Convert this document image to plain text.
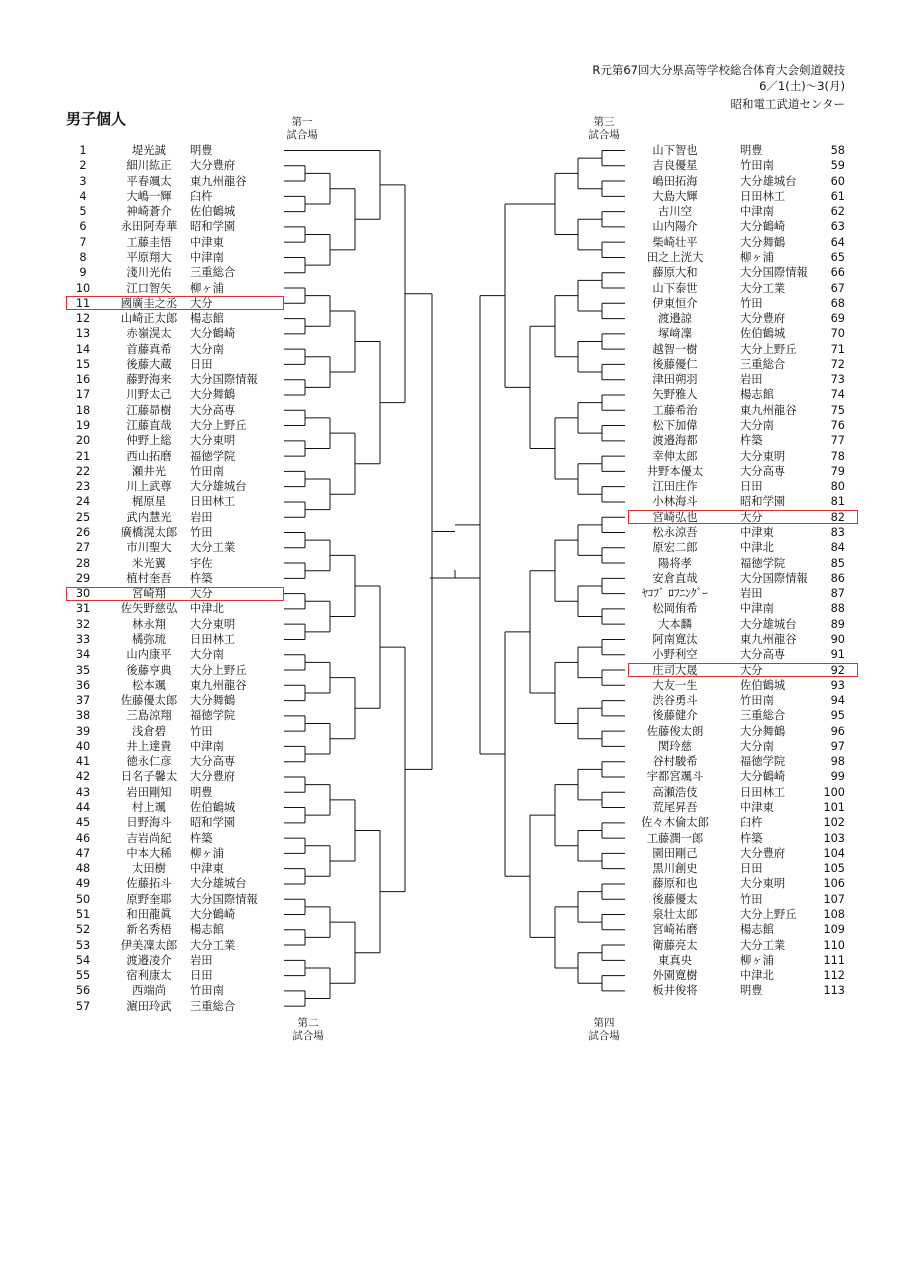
R元第67回大分県高等学校総合体育大会剣道競技
6／1(土)～3(月)
昭和電工武道センター
男子個人	第一
試合場
第三
試合場
第二
試合場
第四
試合場
1	堤光誠	明豊
2	細川紘正	大分豊府
3	平春颯太	東九州龍谷
4	大嶋一輝	臼杵
5	神崎蒼介	佐伯鶴城
6	永田阿寿華	昭和学園
7	工藤圭悟	中津東
8	平原翔大	中津南
9	淺川光佑	三重総合
10	江口智矢	柳ヶ浦
11	國廣圭之丞	大分
12	山崎正太郎	楊志館
13	赤嶺滉太	大分鶴崎
14	首藤真希	大分南
15	後藤大蔵	日田
16	藤野海来	大分国際情報
17	川野太己	大分舞鶴
18	江藤昴樹	大分高専
19	江藤直哉	大分上野丘
20	仲野上総	大分東明
21	西山拓磨	福徳学院
22	瀬井光	竹田南
23	川上武尊	大分雄城台
24	梶原星	日田林工
25	武内慧光	岩田
26	廣橋滉太郎	竹田
27	市川聖大	大分工業
28	米光翼	宇佐
29	植村奎吾	杵築
30	宮崎翔	大分
31	佐矢野慈弘	中津北
32	林永翔	大分東明
33	橘弥琉	日田林工
34	山内康平	大分南
35	後藤亨典	大分上野丘
36	松本颯	東九州龍谷
37	佐藤優太郎	大分舞鶴
38	三島涼翔	福徳学院
39	浅倉碧	竹田
40	井上達貴	中津南
41	徳永仁彦	大分高専
42	日名子馨太	大分豊府
43	岩田剛知	明豊
44	村上颯	佐伯鶴城
45	日野海斗	昭和学園
46	吉岩尚紀	杵築
47	中本大稀	柳ヶ浦
48	太田樹	中津東
49	佐藤拓斗	大分雄城台
50	原野奎耶	大分国際情報
51	和田龍眞	大分鶴崎
52	新名秀梧	楊志館
53	伊美凜太郎	大分工業
54	渡邉凌介	岩田
55	宿利康太	日田
56	西端尚	竹田南
57	濵田玲武	三重総合
山下智也	明豊	58
吉良優星	竹田南	59
嶋田拓海	大分雄城台	60
大島大輝	日田林工	61
古川空	中津南	62
山内陽介	大分鶴崎	63
柴崎壮平	大分舞鶴	64
田之上洸大	柳ヶ浦	65
藤原大和	大分国際情報	66
山下泰世	大分工業	67
伊東恒介	竹田	68
渡邉諒	大分豊府	69
塚﨑凜	佐伯鶴城	70
越智一樹	大分上野丘	71
後藤優仁	三重総合	72
津田朔羽	岩田	73
矢野雅人	楊志館	74
工藤希治	東九州龍谷	75
松下加偉	大分南	76
渡邉海都	杵築	77
幸伸太郎	大分東明	78
井野本優太	大分高専	79
江田庄作	日田	80
小林海斗	昭和学園	81
宮崎弘也	大分	82
松永涼吾	中津東	83
原宏二郎	中津北	84
陽将孝	福徳学院	85
安倉直哉	大分国際情報	86
ﾔｺﾌﾞ ﾛﾌﾆﾝｸﾞｰ	岩田	87
松岡侑希	中津南	88
大本麟	大分雄城台	89
阿南寛汰	東九州龍谷	90
小野利空	大分高専	91
庄司大晟	大分	92
大友一生	佐伯鶴城	93
渋谷勇斗	竹田南	94
後藤健介	三重総合	95
佐藤俊太朗	大分舞鶴	96
関玲慈	大分南	97
谷村駿希	福徳学院	98
宇都宮颯斗	大分鶴崎	99
高瀬浩伎	日田林工	100
荒尾昇吾	中津東	101
佐々木倫太郎	臼杵	102
工藤潤一郎	杵築	103
園田剛己	大分豊府	104
黒川創史	日田	105
藤原和也	大分東明	106
後藤優太	竹田	107
泉壮太郎	大分上野丘	108
宮崎祐磨	楊志館	109
衛藤亮太	大分工業	110
東真央	柳ヶ浦	111
外園寛樹	中津北	112
板井俊将	明豊	113
